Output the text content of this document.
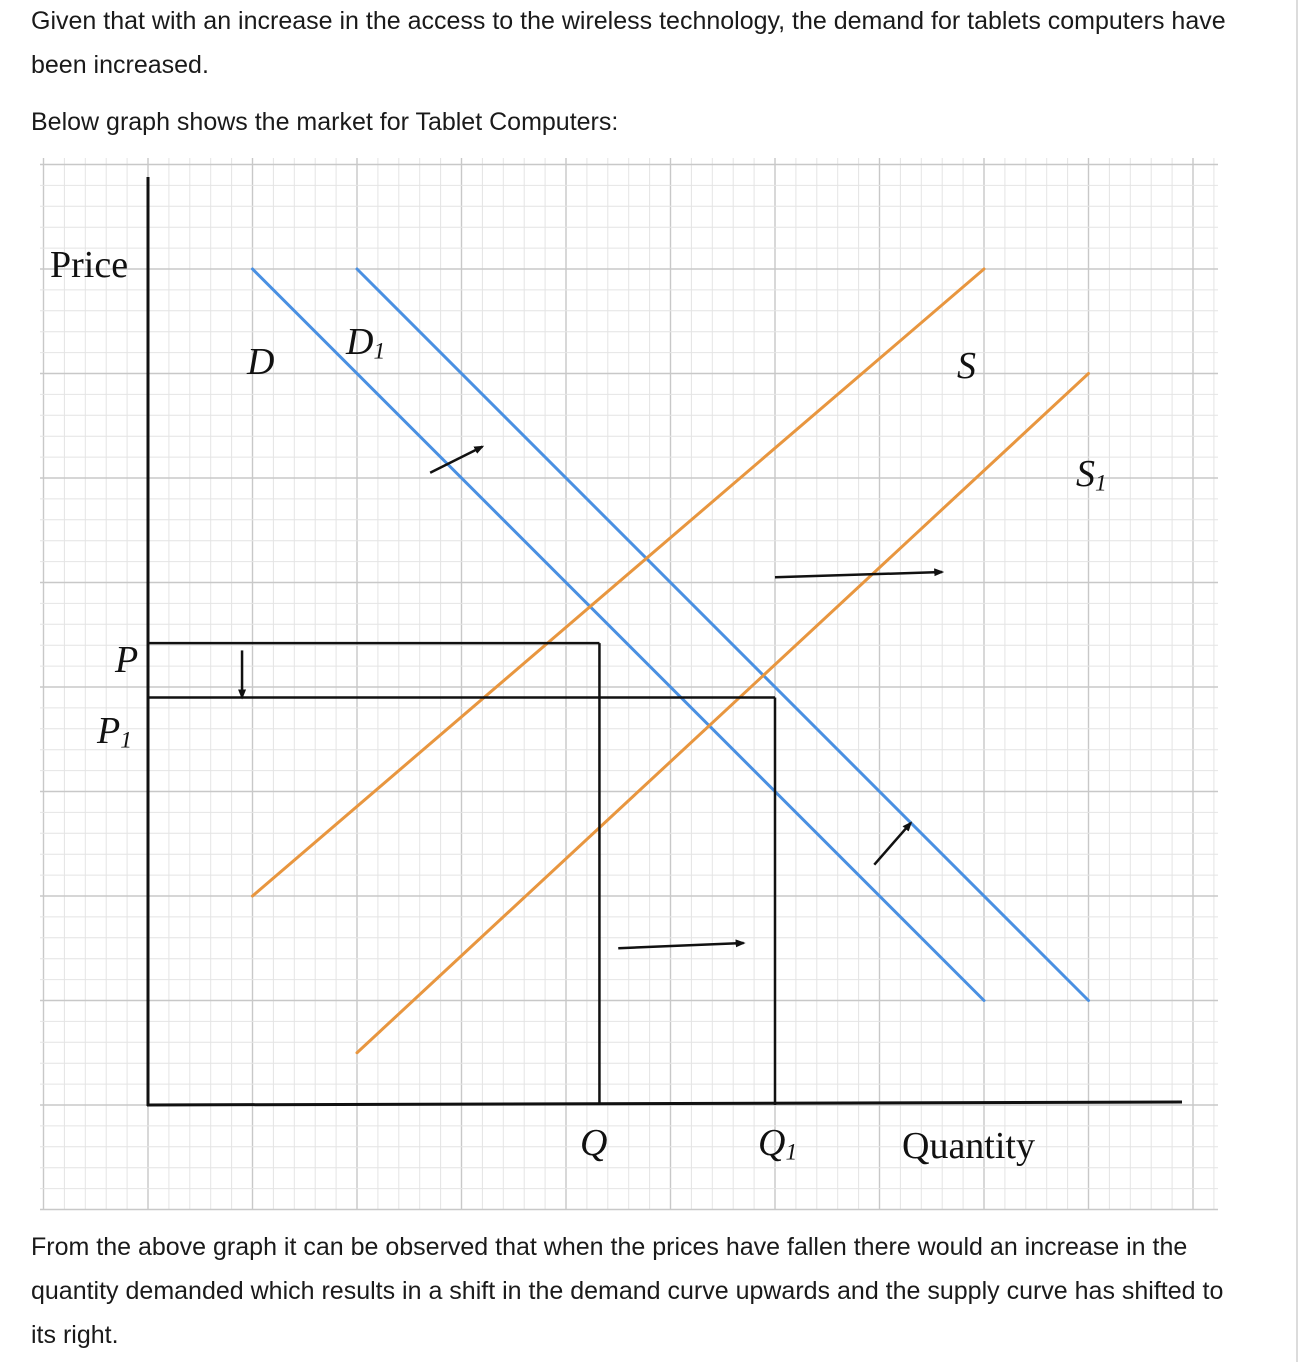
Given that with an increase in the access to the wireless technology, the demand for tablets computers have been increased.

Below graph shows the market for Tablet Computers:

Price
Quantity
D D1	S
S1
P
Q
P1
Q1

From the above graph it can be observed that when the prices have fallen there would an increase in the quantity demanded which results in a shift in the demand curve upwards and the supply curve has shifted to its right.
